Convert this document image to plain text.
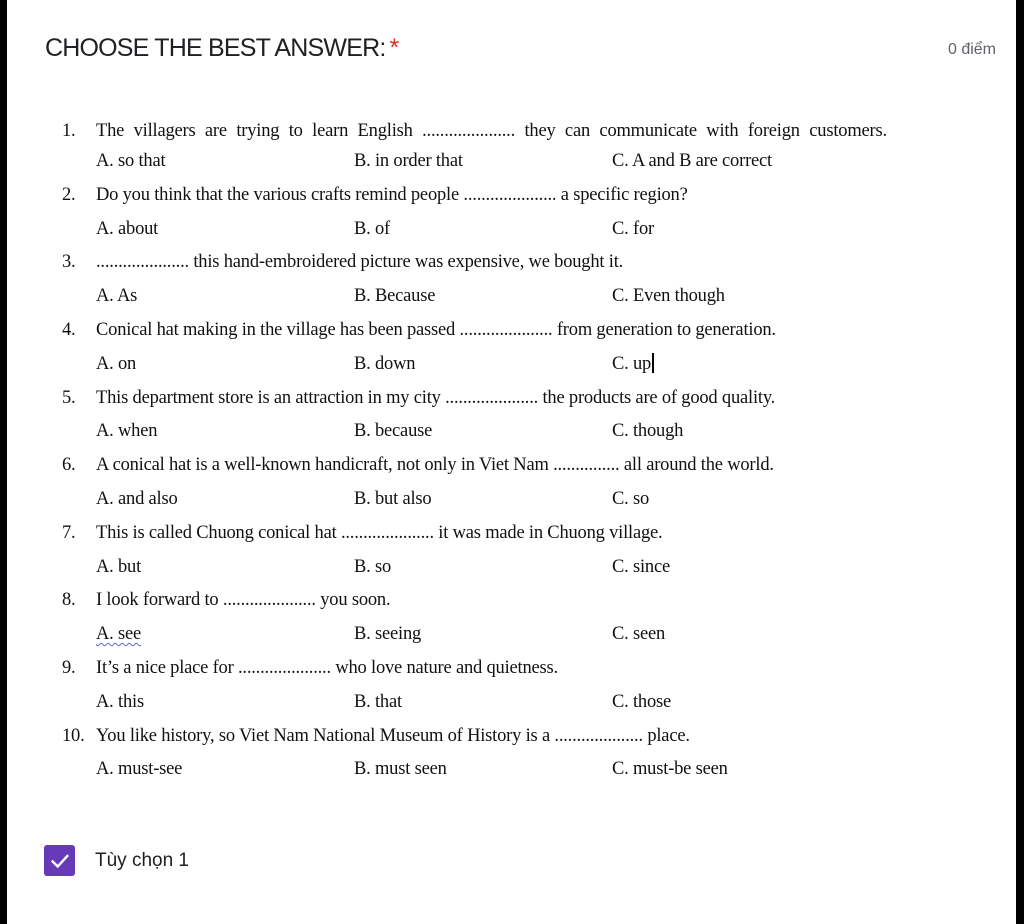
CHOOSE THE BEST ANSWER: *	0 điểm
1.	The villagers are trying to learn English ..................... they can communicate with foreign customers.
A. so that	B. in order that	C. A and B are correct
2.	Do you think that the various crafts remind people ..................... a specific region?
A. about	B. of	C. for
3.	..................... this hand-embroidered picture was expensive, we bought it.
A. As	B. Because	C. Even though
4.	Conical hat making in the village has been passed ..................... from generation to generation.
A. on	B. down	C. up
5.	This department store is an attraction in my city ..................... the products are of good quality.
A. when	B. because	C. though
6.	A conical hat is a well-known handicraft, not only in Viet Nam ............... all around the world.
A. and also	B. but also	C. so
7.	This is called Chuong conical hat ..................... it was made in Chuong village.
A. but	B. so	C. since
8.	I look forward to ..................... you soon.
A. see	B. seeing	C. seen
9.	It’s a nice place for ..................... who love nature and quietness.
A. this	B. that	C. those
10. You like history, so Viet Nam National Museum of History is a .................... place.
A. must-see	B. must seen	C. must-be seen
Tùy chọn 1
